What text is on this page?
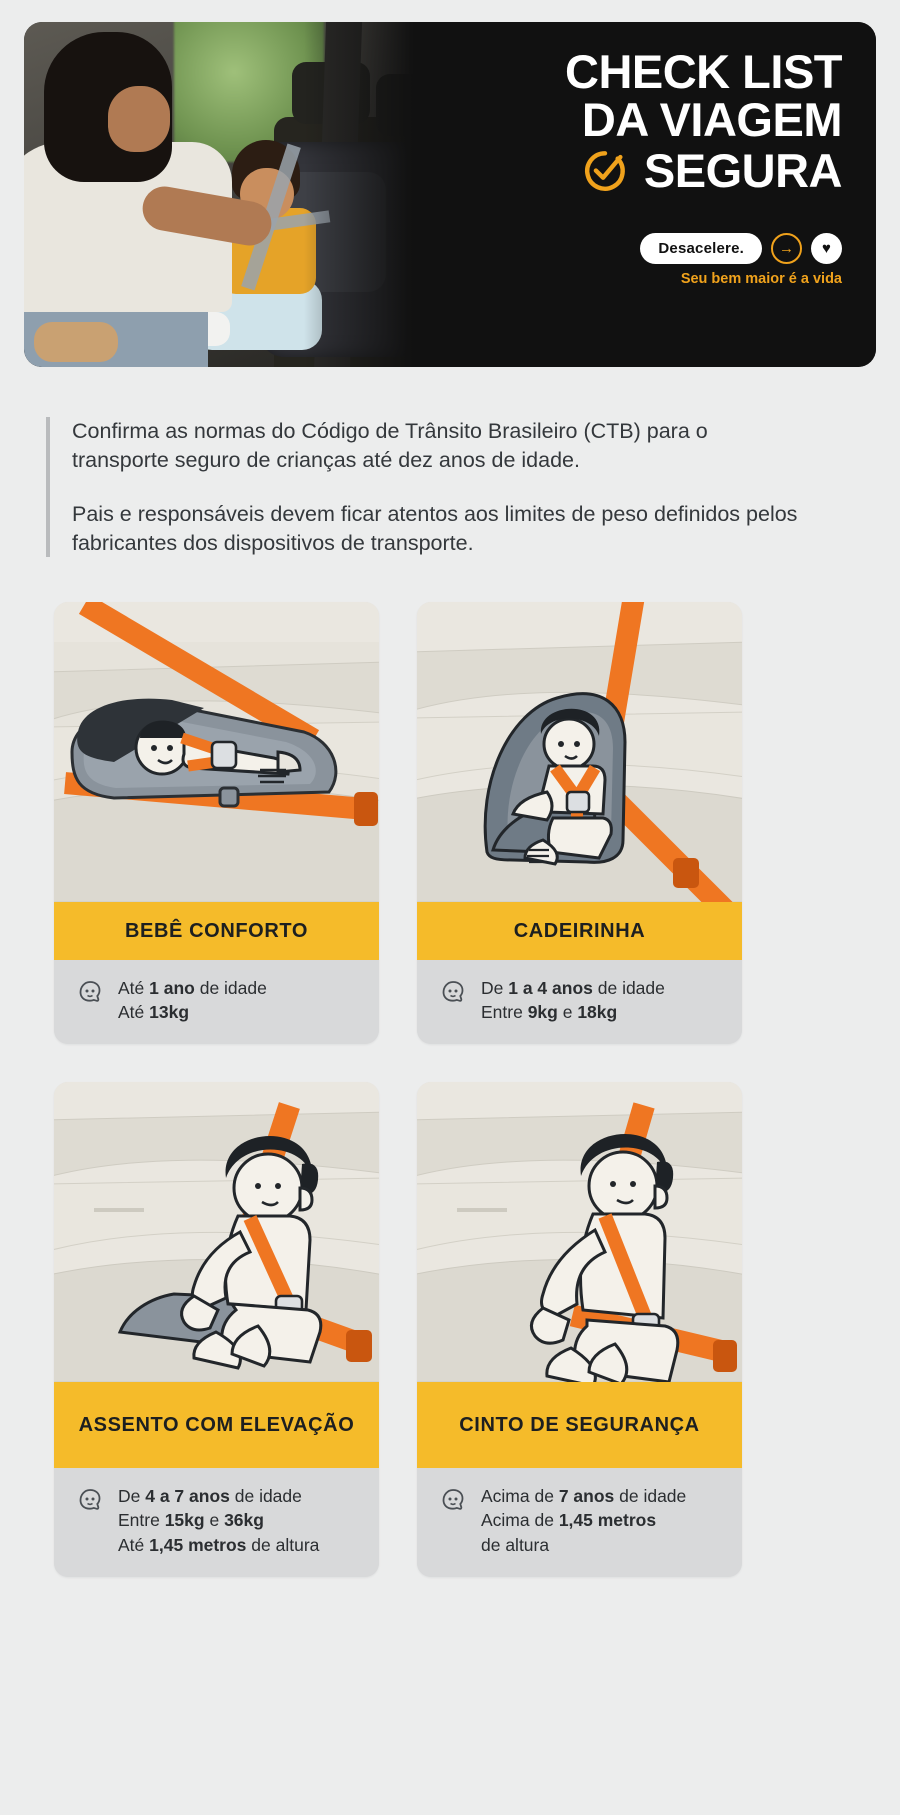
CHECK LIST
DA VIAGEM
SEGURA
Desacelere.	→	♥
Seu bem maior é a vida

Confirma as normas do Código de Trânsito Brasileiro (CTB) para o transporte seguro de crianças até dez anos de idade.

Pais e responsáveis devem ficar atentos aos limites de peso definidos pelos fabricantes dos dispositivos de transporte.

BEBÊ CONFORTO
Até 1 ano de idade
Até 13kg
CADEIRINHA
De 1 a 4 anos de idade
Entre 9kg e 18kg
ASSENTO COM ELEVAÇÃO
De 4 a 7 anos de idade
Entre 15kg e 36kg
Até 1,45 metros de altura
CINTO DE SEGURANÇA
Acima de 7 anos de idade
Acima de 1,45 metros
de altura
